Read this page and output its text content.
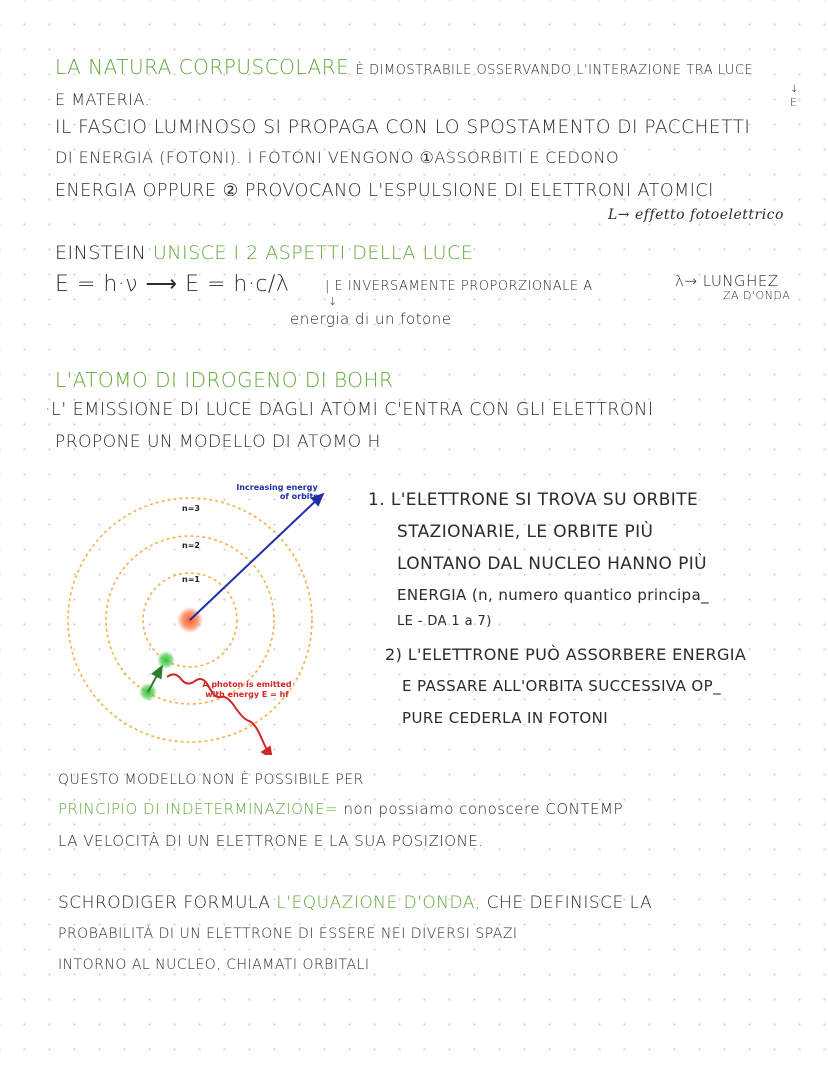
LA NATURA CORPUSCOLARE È DIMOSTRABILE OSSERVANDO L'INTERAZIONE TRA LUCE
↓
E MATERIA.	E
IL FASCIO LUMINOSO SI PROPAGA CON LO SPOSTAMENTO DI PACCHETTI
DI ENERGIA (FOTONI). I FOTONI VENGONO ①ASSORBITI E CEDONO
ENERGIA OPPURE ② PROVOCANO L'ESPULSIONE DI ELETTRONI ATOMICI
L→ effetto fotoelettrico
EINSTEIN UNISCE I 2 ASPETTI DELLA LUCE
E = h·ν ⟶ E = h·c/λ	| E INVERSAMENTE PROPORZIONALE A	λ→ LUNGHEZ
ZA D'ONDA
↓
energia di un fotone
L'ATOMO DI IDROGENO DI BOHR
·L' EMISSIONE DI LUCE DAGLI ATOMI C'ENTRA CON GLI ELETTRONI
PROPONE UN MODELLO DI ATOMO H
n=3
n=2
n=1
Increasing energy
of orbits
A photon is emitted
with energy E = hf
1. L'ELETTRONE SI TROVA SU ORBITE
STAZIONARIE, LE ORBITE PIÙ
LONTANO DAL NUCLEO HANNO PIÙ
ENERGIA (n, numero quantico principa_
LE - DA 1 a 7)
2) L'ELETTRONE PUÒ ASSORBERE ENERGIA
E PASSARE ALL'ORBITA SUCCESSIVA OP_
PURE CEDERLA IN FOTONI
QUESTO MODELLO NON È POSSIBILE PER
PRINCIPIO DI INDETERMINAZIONE= non possiamo conoscere CONTEMP
LA VELOCITÀ DI UN ELETTRONE E LA SUA POSIZIONE.
SCHRODIGER FORMULA L'EQUAZIONE D'ONDA, CHE DEFINISCE LA
PROBABILITÀ DI UN ELETTRONE DI ESSERE NEI DIVERSI SPAZI
INTORNO AL NUCLEO, CHIAMATI ORBITALI
